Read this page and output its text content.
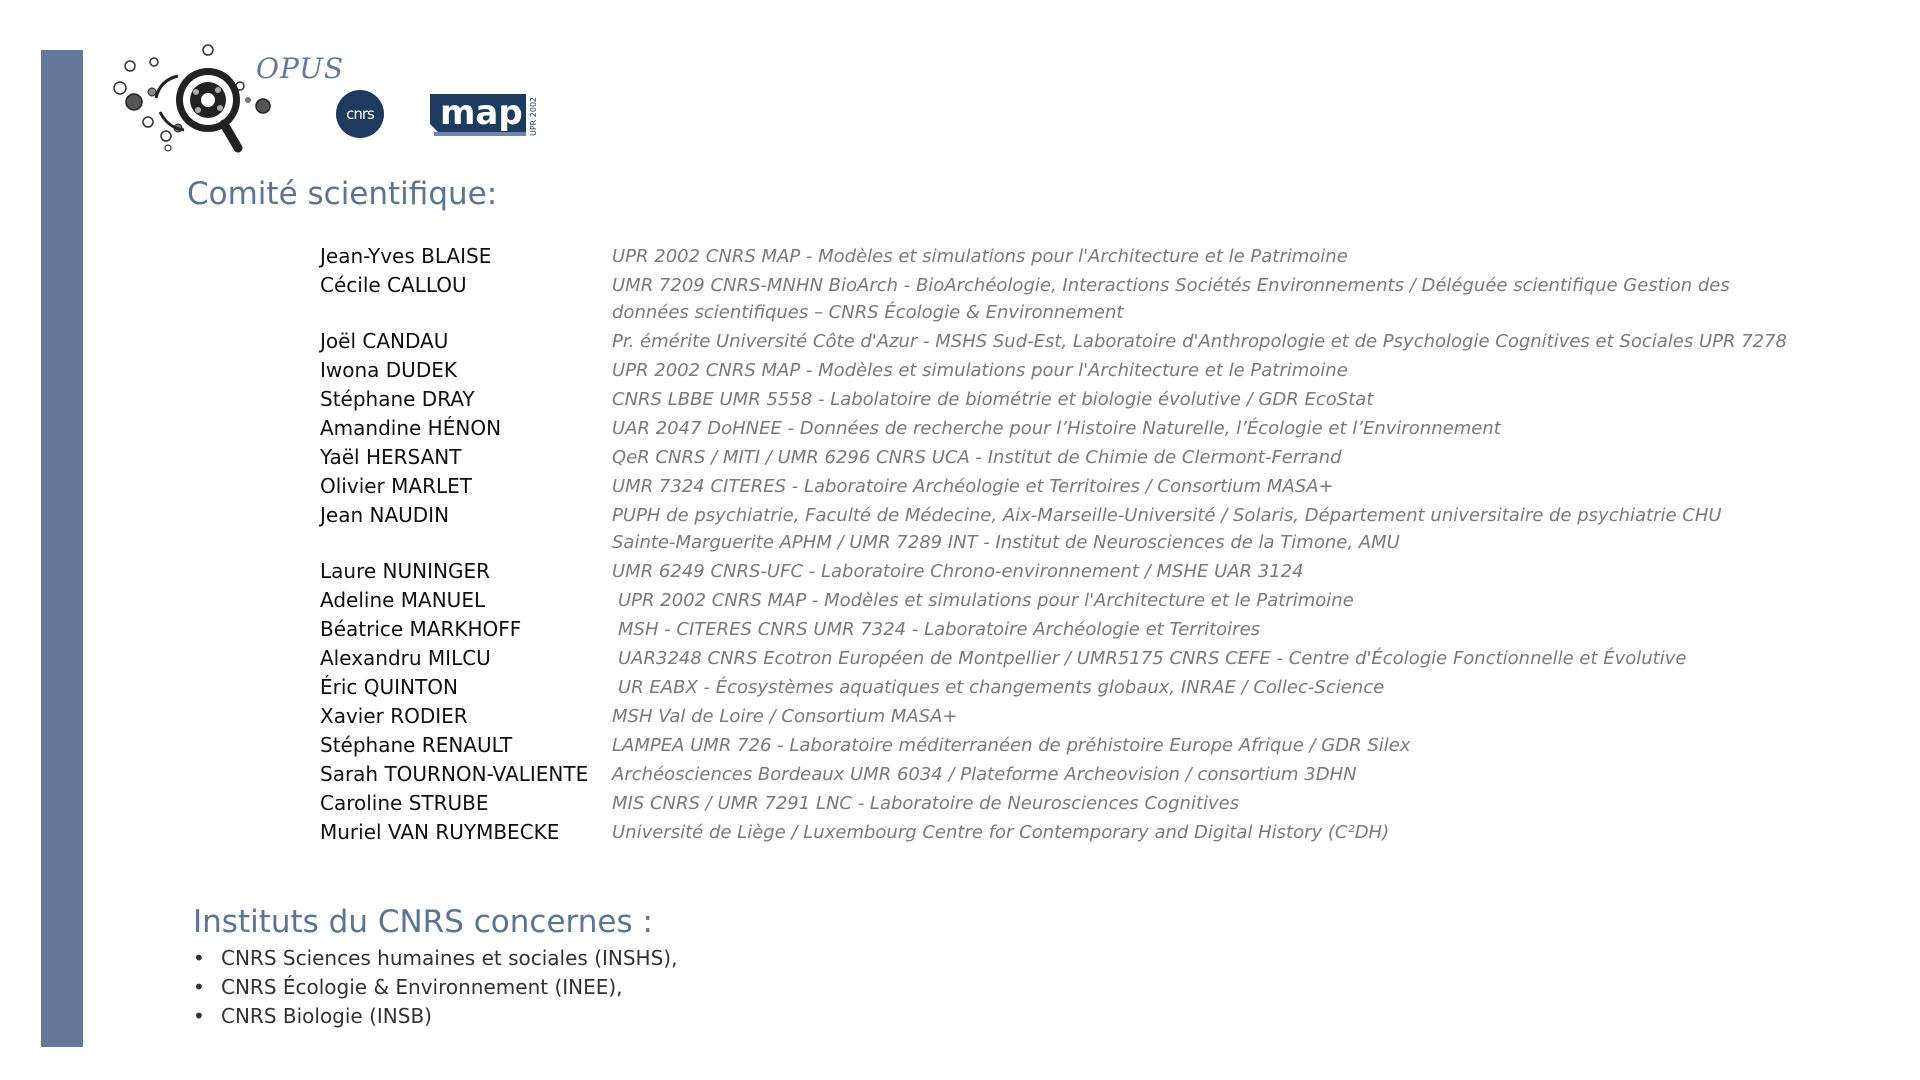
OPUS
cnrs map UPR 2002
Comité scientifique:
Jean-Yves BLAISE	UPR 2002 CNRS MAP - Modèles et simulations pour l'Architecture et le Patrimoine
Cécile CALLOU	UMR 7209 CNRS-MNHN BioArch - BioArchéologie, Interactions Sociétés Environnements / Déléguée scientifique Gestion des données scientifiques – CNRS Écologie & Environnement
Joël CANDAU	Pr. émérite Université Côte d'Azur - MSHS Sud-Est, Laboratoire d'Anthropologie et de Psychologie Cognitives et Sociales UPR 7278
Iwona DUDEK	UPR 2002 CNRS MAP - Modèles et simulations pour l'Architecture et le Patrimoine
Stéphane DRAY	CNRS LBBE UMR 5558 - Labolatoire de biométrie et biologie évolutive / GDR EcoStat
Amandine HÉNON	UAR 2047 DoHNEE - Données de recherche pour l’Histoire Naturelle, l’Écologie et l’Environnement
Yaël HERSANT	QeR CNRS / MITI / UMR 6296 CNRS UCA - Institut de Chimie de Clermont-Ferrand
Olivier MARLET	UMR 7324 CITERES - Laboratoire Archéologie et Territoires / Consortium MASA+
Jean NAUDIN	PUPH de psychiatrie, Faculté de Médecine, Aix-Marseille-Université / Solaris, Département universitaire de psychiatrie CHU Sainte-Marguerite APHM / UMR 7289 INT - Institut de Neurosciences de la Timone, AMU
Laure NUNINGER	UMR 6249 CNRS-UFC - Laboratoire Chrono-environnement / MSHE UAR 3124
Adeline MANUEL	UPR 2002 CNRS MAP - Modèles et simulations pour l'Architecture et le Patrimoine
Béatrice MARKHOFF	MSH - CITERES CNRS UMR 7324 - Laboratoire Archéologie et Territoires
Alexandru MILCU	UAR3248 CNRS Ecotron Européen de Montpellier / UMR5175 CNRS CEFE - Centre d'Écologie Fonctionnelle et Évolutive
Éric QUINTON	UR EABX - Écosystèmes aquatiques et changements globaux, INRAE / Collec-Science
Xavier RODIER	MSH Val de Loire / Consortium MASA+
Stéphane RENAULT	LAMPEA UMR 726 - Laboratoire méditerranéen de préhistoire Europe Afrique / GDR Silex
Sarah TOURNON-VALIENTE	Archéosciences Bordeaux UMR 6034 / Plateforme Archeovision / consortium 3DHN
Caroline STRUBE	MIS CNRS / UMR 7291 LNC - Laboratoire de Neurosciences Cognitives
Muriel VAN RUYMBECKE	Université de Liège / Luxembourg Centre for Contemporary and Digital History (C²DH)
Instituts du CNRS concernes :
• CNRS Sciences humaines et sociales (INSHS),
• CNRS Écologie & Environnement (INEE),
• CNRS Biologie (INSB)
